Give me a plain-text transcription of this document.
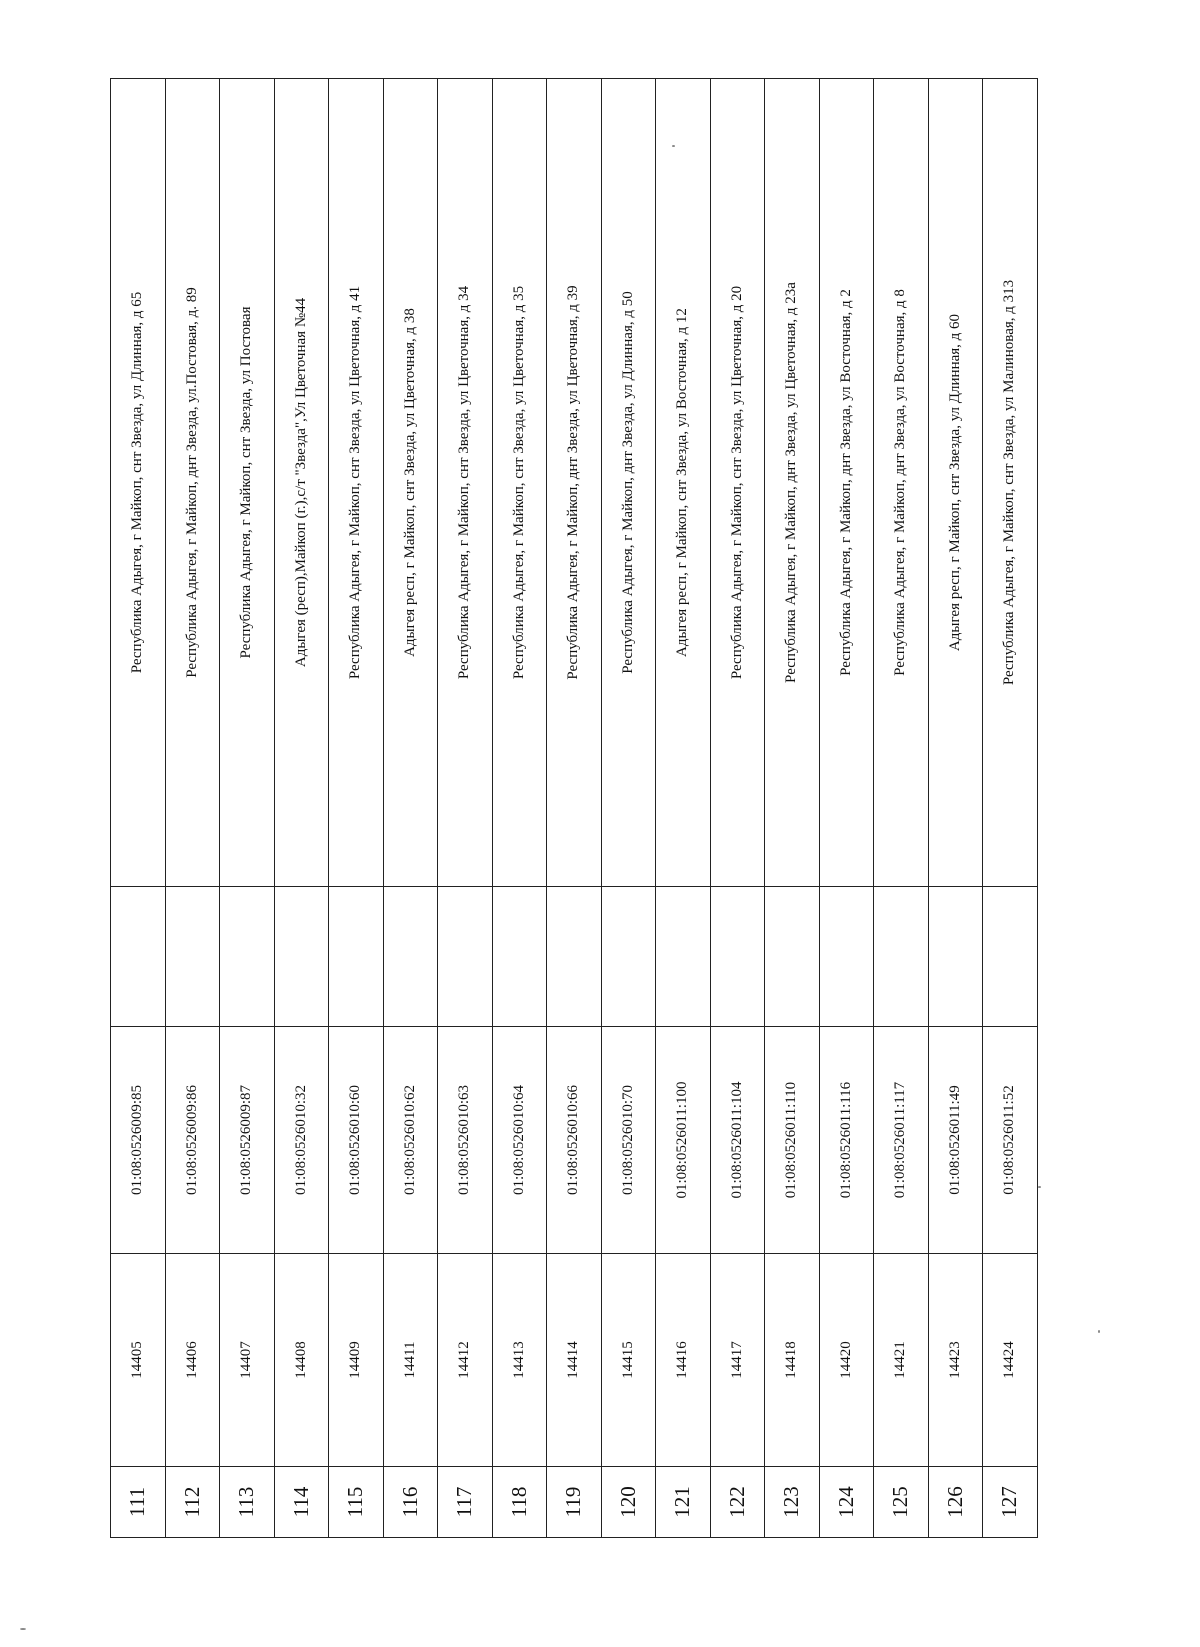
111	14405	01:08:0526009:85		Республика Адыгея, г Майкоп, снт Звезда, ул Длинная, д 65
112	14406	01:08:0526009:86		Республика Адыгея, г Майкоп, днт Звезда, ул.Постовая, д. 89
113	14407	01:08:0526009:87		Республика Адыгея, г Майкоп, снт Звезда, ул Постовая
114	14408	01:08:0526010:32		Адыгея (респ),Майкоп (г.),с/т "Звезда",Ул Цветочная №44
115	14409	01:08:0526010:60		Республика Адыгея, г Майкоп, снт Звезда, ул Цветочная, д 41
116	14411	01:08:0526010:62		Адыгея респ, г Майкоп, снт Звезда, ул Цветочная, д 38
117	14412	01:08:0526010:63		Республика Адыгея, г Майкоп, снт Звезда, ул Цветочная, д 34
118	14413	01:08:0526010:64		Республика Адыгея, г Майкоп, снт Звезда, ул Цветочная, д 35
119	14414	01:08:0526010:66		Республика Адыгея, г Майкоп, днт Звезда, ул Цветочная, д 39
120	14415	01:08:0526010:70		Республика Адыгея, г Майкоп, днт Звезда, ул Длинная, д 50
121	14416	01:08:0526011:100		Адыгея респ, г Майкоп, снт Звезда, ул Восточная, д 12
122	14417	01:08:0526011:104		Республика Адыгея, г Майкоп, снт Звезда, ул Цветочная, д 20
123	14418	01:08:0526011:110		Республика Адыгея, г Майкоп, днт Звезда, ул Цветочная, д 23а
124	14420	01:08:0526011:116		Республика Адыгея, г Майкоп, днт Звезда, ул Восточная, д 2
125	14421	01:08:0526011:117		Республика Адыгея, г Майкоп, днт Звезда, ул Восточная, д 8
126	14423	01:08:0526011:49		Адыгея респ, г Майкоп, снт Звезда, ул Длинная, д 60
127	14424	01:08:0526011:52		Республика Адыгея, г Майкоп, снт Звезда, ул Малиновая, д 313
